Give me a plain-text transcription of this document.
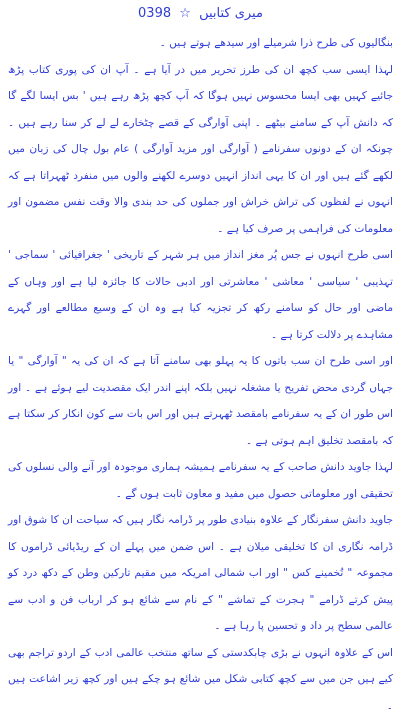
0398 ☆ میری کتابیں

بنگالیوں کی طرح ذرا شرمیلے اور سیدھے ہوتے ہیں ۔

لہذا ایسی سب کچھ ان کی طرز تحریر میں در آیا ہے ۔ آپ ان کی پوری کتاب پڑھ جائیے کہیں بھی ایسا محسوس نہیں ہوگا کہ آپ کچھ پڑھ رہے ہیں ' بس ایسا لگے گا کہ دانش آپ کے سامنے بیٹھے ۔ اپنی آوارگی کے قصے چٹخارے لے لے کر سنا رہے ہیں ۔ چونکہ ان کے دونوں سفرنامے ( آوارگی اور مزید آوارگی ) عام بول چال کی زبان میں لکھے گئے ہیں اور ان کا یہی انداز انہیں دوسرے لکھنے والوں میں منفرد ٹھہراتا ہے کہ انہوں نے لفظوں کی تراش خراش اور جملوں کی حد بندی والا وقت نفس مضمون اور معلومات کی فراہمی پر صرف کیا ہے ۔

اسی طرح انہوں نے جس پُر مغز انداز میں ہر شہر کے تاریخی ' جغرافیائی ' سماجی ' تہذیبی ' سیاسی ' معاشی ' معاشرتی اور ادبی حالات کا جائزہ لیا ہے اور وہاں کے ماضی اور حال کو سامنے رکھ کر تجزیہ کیا ہے وہ ان کے وسیع مطالعے اور گہرے مشاہدے پر دلالت کرتا ہے ۔

اور اسی طرح ان سب باتوں کا یہ پہلو بھی سامنے آتا ہے کہ ان کی یہ " آوارگی " یا جہاں گردی محض تفریح یا مشغلہ نہیں بلکہ اپنے اندر ایک مقصدیت لیے ہوئے ہے ۔ اور اس طور ان کے یہ سفرنامے بامقصد ٹھہرتے ہیں اور اس بات سے کون انکار کر سکتا ہے کہ بامقصد تخلیق اہم ہوتی ہے ۔

لہذا جاوید دانش صاحب کے یہ سفرنامے ہمیشہ ہماری موجودہ اور آنے والی نسلوں کی تحقیقی اور معلوماتی حصول میں مفید و معاون ثابت ہوں گے ۔

جاوید دانش سفرنگار کے علاوہ بنیادی طور پر ڈرامہ نگار ہیں کہ سیاحت ان کا شوق اور ڈرامہ نگاری ان کا تخلیقی میلان ہے ۔ اس ضمن میں پہلے ان کے ریڈیائی ڈراموں کا مجموعہ " تُخمینے کس " اور اب شمالی امریکہ میں مقیم تارکین وطن کے دکھ درد کو پیش کرتے ڈرامے " ہجرت کے تماشے " کے نام سے شائع ہو کر ارباب فن و ادب سے عالمی سطح پر داد و تحسین پا رہا ہے ۔

اس کے علاوہ انہوں نے بڑی چابکدستی کے ساتھ منتخب عالمی ادب کے اردو تراجم بھی کیے ہیں جن میں سے کچھ کتابی شکل میں شائع ہو چکے ہیں اور کچھ زیر اشاعت ہیں ۔
